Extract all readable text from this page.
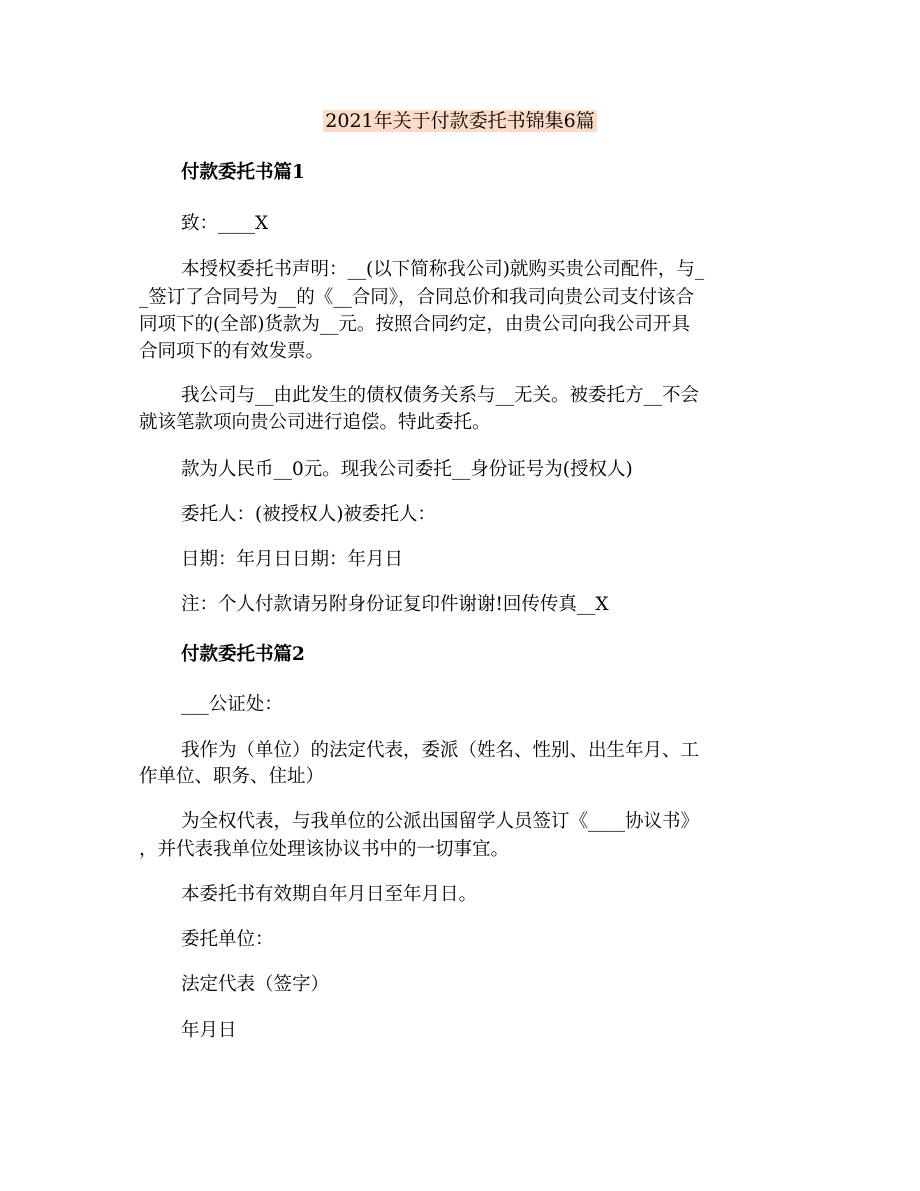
2021年关于付款委托书锦集6篇
付款委托书篇1
致：____X
本授权委托书声明：__(以下简称我公司)就购买贵公司配件，与_
_签订了合同号为__的《__合同》，合同总价和我司向贵公司支付该合
同项下的(全部)货款为__元。按照合同约定，由贵公司向我公司开具
合同项下的有效发票。
我公司与__由此发生的债权债务关系与__无关。被委托方__不会
就该笔款项向贵公司进行追偿。特此委托。
款为人民币__0元。现我公司委托__身份证号为(授权人)
委托人：(被授权人)被委托人：
日期：年月日日期：年月日
注：个人付款请另附身份证复印件谢谢!回传传真__X
付款委托书篇2
___公证处：
我作为（单位）的法定代表，委派（姓名、性别、出生年月、工
作单位、职务、住址）
为全权代表，与我单位的公派出国留学人员签订《____协议书》
，并代表我单位处理该协议书中的一切事宜。
本委托书有效期自年月日至年月日。
委托单位：
法定代表（签字）
年月日
